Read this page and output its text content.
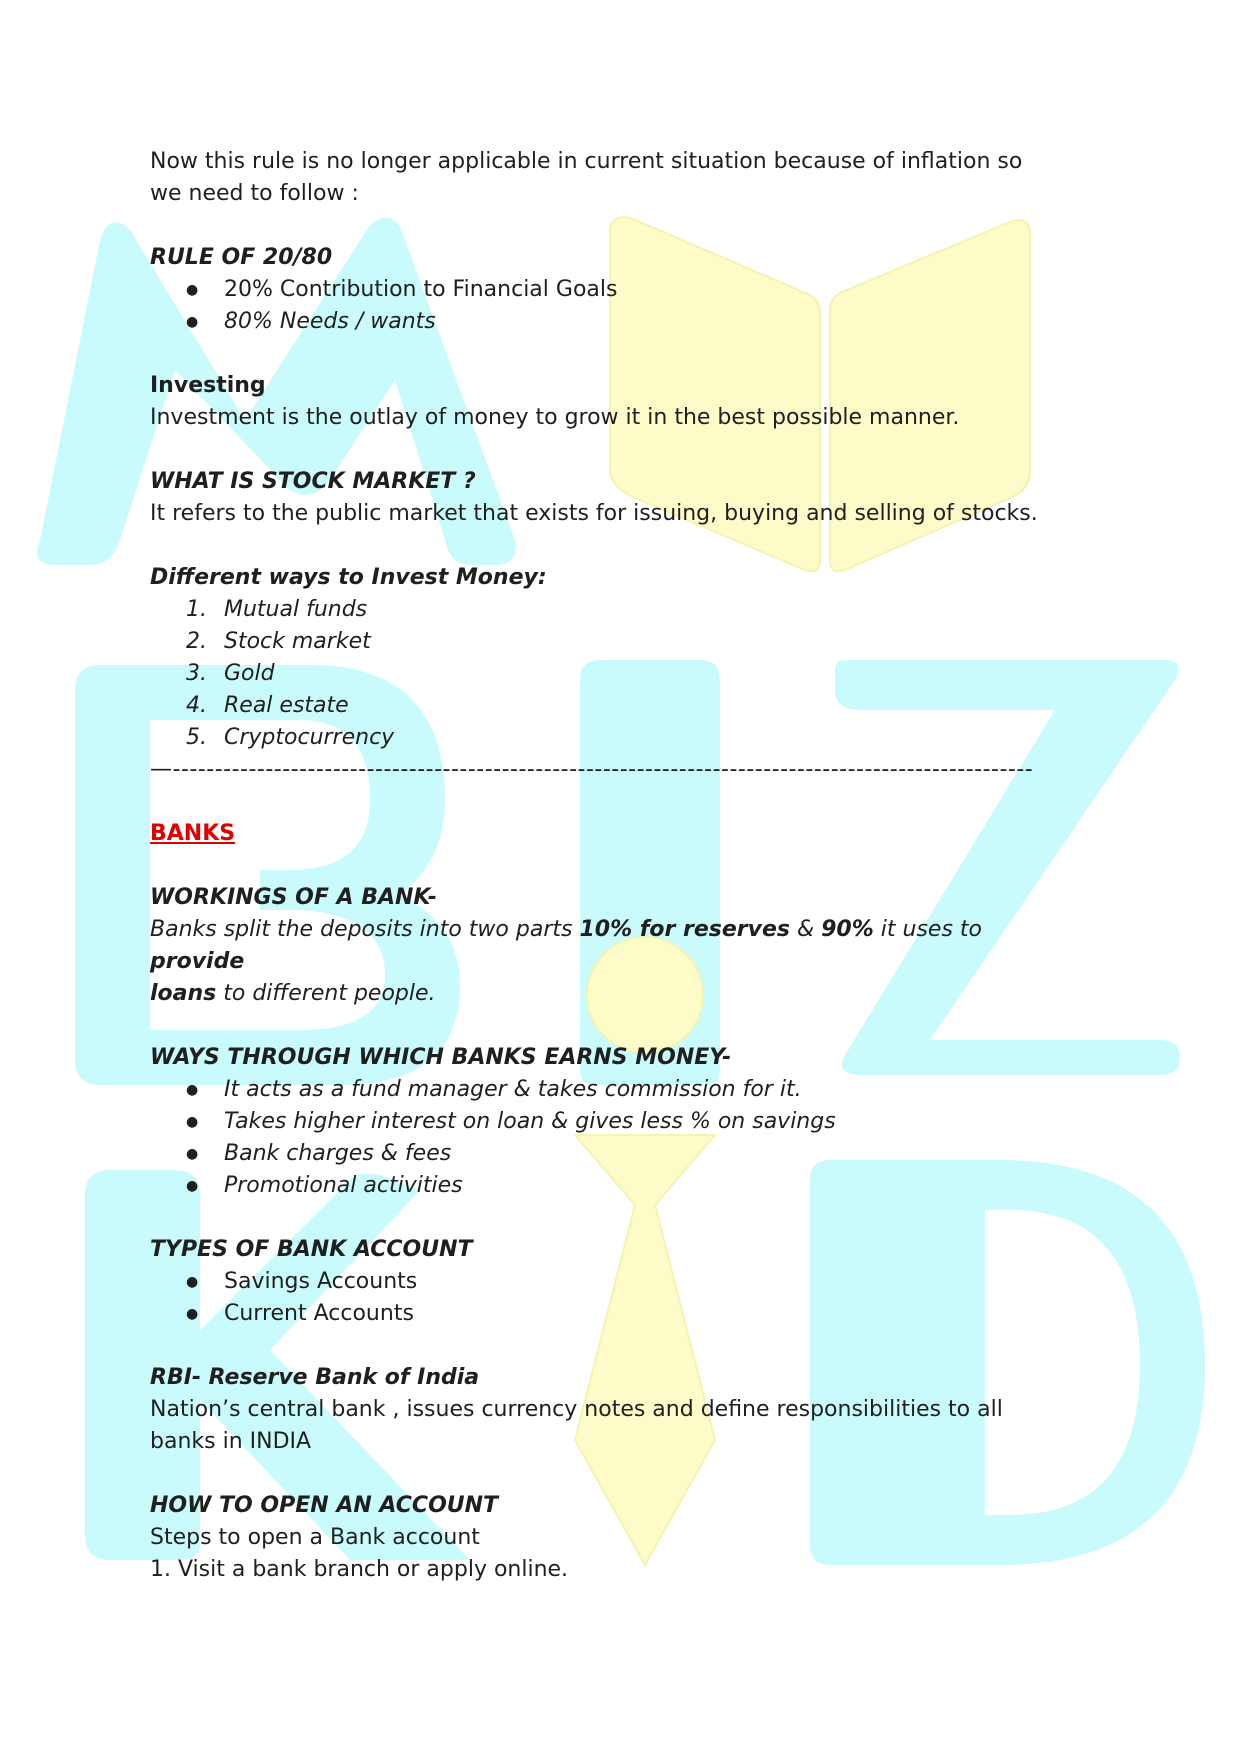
Now this rule is no longer applicable in current situation because of inflation so

we need to follow :

RULE OF 20/80

● 20% Contribution to Financial Goals
● 80% Needs / wants

Investing

Investment is the outlay of money to grow it in the best possible manner.

WHAT IS STOCK MARKET ?

It refers to the public market that exists for issuing, buying and selling of stocks.

Different ways to Invest Money:

1. Mutual funds
2. Stock market
3. Gold
4. Real estate
5. Cryptocurrency
—------------------------------------------------------------------------------------------------------

BANKS

WORKINGS OF A BANK-

Banks split the deposits into two parts 10% for reserves & 90% it uses to provide
loans to different people.

WAYS THROUGH WHICH BANKS EARNS MONEY-

● It acts as a fund manager & takes commission for it.
● Takes higher interest on loan & gives less % on savings
● Bank charges & fees
● Promotional activities

TYPES OF BANK ACCOUNT

● Savings Accounts
● Current Accounts

RBI- Reserve Bank of India

Nation’s central bank , issues currency notes and define responsibilities to all

banks in INDIA

HOW TO OPEN AN ACCOUNT

Steps to open a Bank account

1. Visit a bank branch or apply online.
